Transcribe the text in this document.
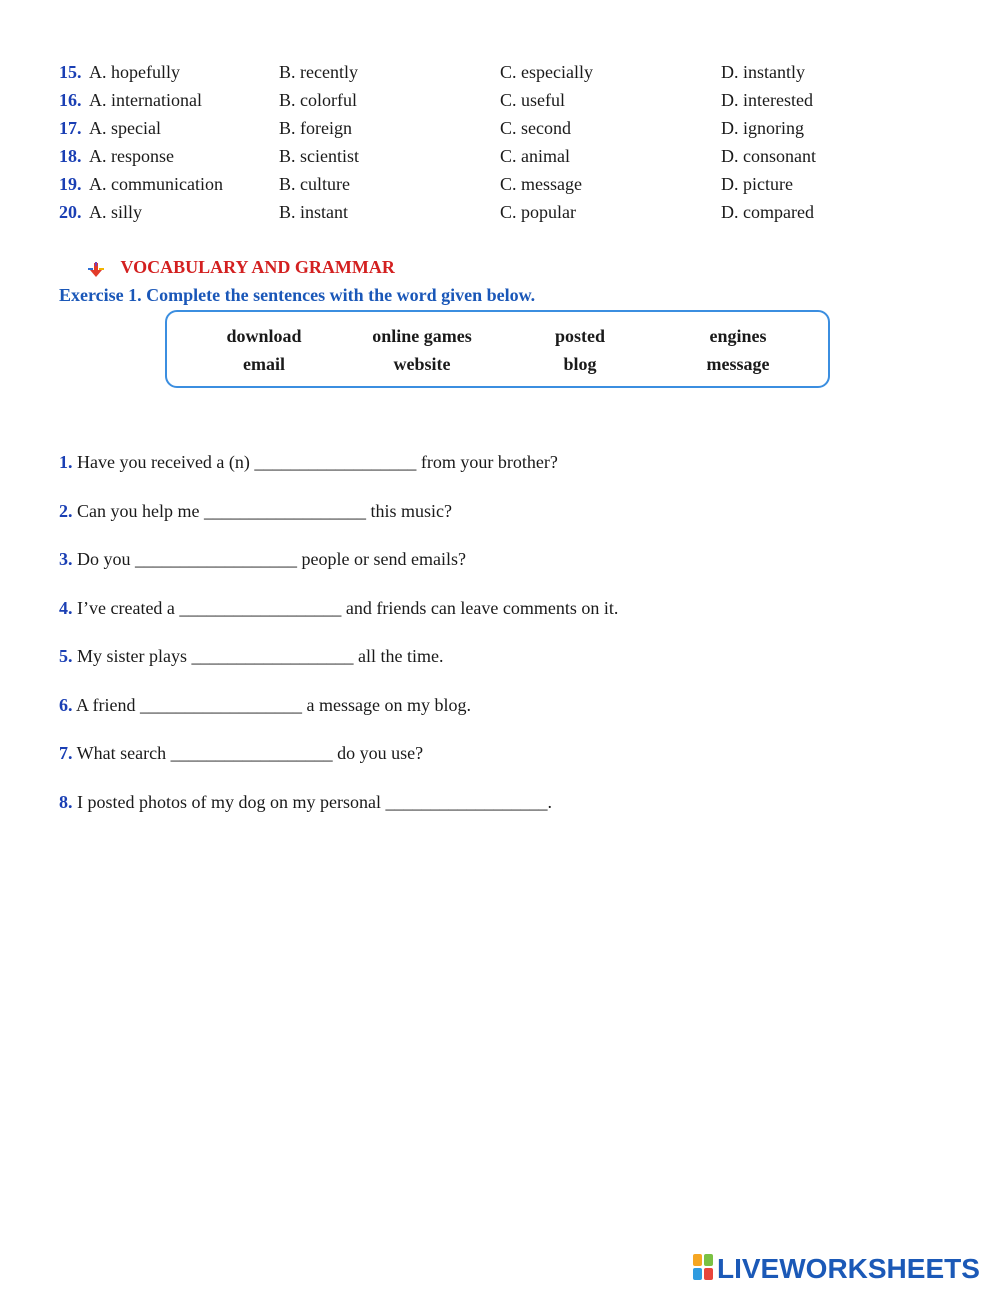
15. A. hopefully	B. recently	C. especially	D. instantly
16. A. international	B. colorful	C. useful	D. interested
17. A. special	B. foreign	C. second	D. ignoring
18. A. response	B. scientist	C. animal	D. consonant
19. A. communication	B. culture	C. message	D. picture
20. A. silly	B. instant	C. popular	D. compared
VOCABULARY AND GRAMMAR
Exercise 1. Complete the sentences with the word given below.
download	online games	posted	engines
email	website	blog	message
1. Have you received a (n) __________________ from your brother?
2. Can you help me __________________ this music?
3. Do you __________________ people or send emails?
4. I’ve created a __________________ and friends can leave comments on it.
5. My sister plays __________________ all the time.
6. A friend __________________ a message on my blog.
7. What search __________________ do you use?
8. I posted photos of my dog on my personal __________________.
LIVEWORKSHEETS
